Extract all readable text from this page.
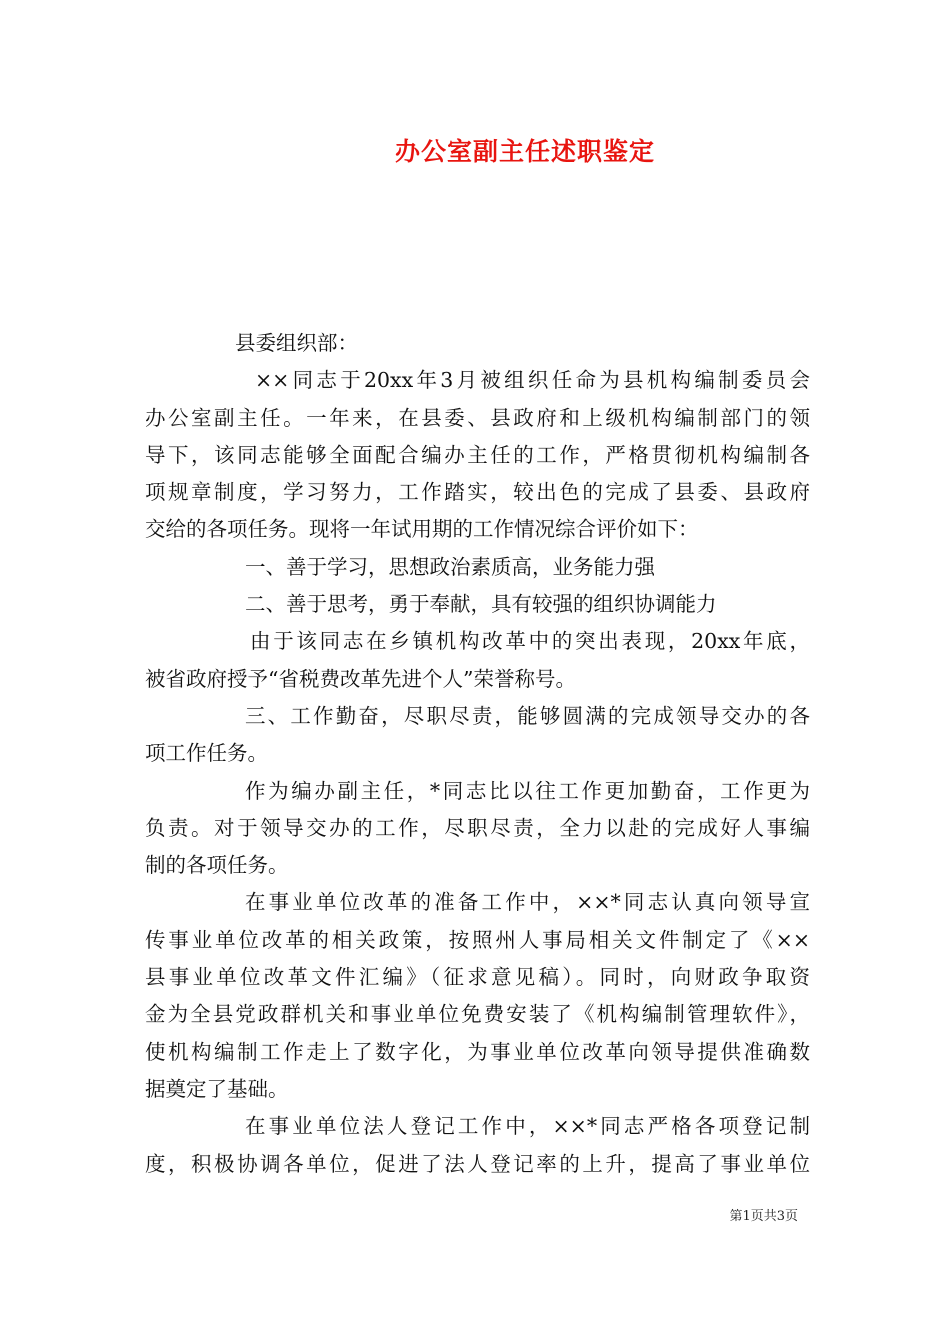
办公室副主任述职鉴定
县委组织部：
××同志于20xx年3月被组织任命为县机构编制委员会
办公室副主任。一年来，在县委、县政府和上级机构编制部门的领
导下，该同志能够全面配合编办主任的工作，严格贯彻机构编制各
项规章制度，学习努力，工作踏实，较出色的完成了县委、县政府
交给的各项任务。现将一年试用期的工作情况综合评价如下：
一、善于学习，思想政治素质高，业务能力强
二、善于思考，勇于奉献，具有较强的组织协调能力
由于该同志在乡镇机构改革中的突出表现，20xx年底，
被省政府授予“省税费改革先进个人”荣誉称号。
三、工作勤奋，尽职尽责，能够圆满的完成领导交办的各
项工作任务。
作为编办副主任，*同志比以往工作更加勤奋，工作更为
负责。对于领导交办的工作，尽职尽责，全力以赴的完成好人事编
制的各项任务。
在事业单位改革的准备工作中，××*同志认真向领导宣
传事业单位改革的相关政策，按照州人事局相关文件制定了《××
县事业单位改革文件汇编》（征求意见稿）。同时，向财政争取资
金为全县党政群机关和事业单位免费安装了《机构编制管理软件》，
使机构编制工作走上了数字化，为事业单位改革向领导提供准确数
据奠定了基础。
在事业单位法人登记工作中，××*同志严格各项登记制
度，积极协调各单位，促进了法人登记率的上升，提高了事业单位
第1页共3页
